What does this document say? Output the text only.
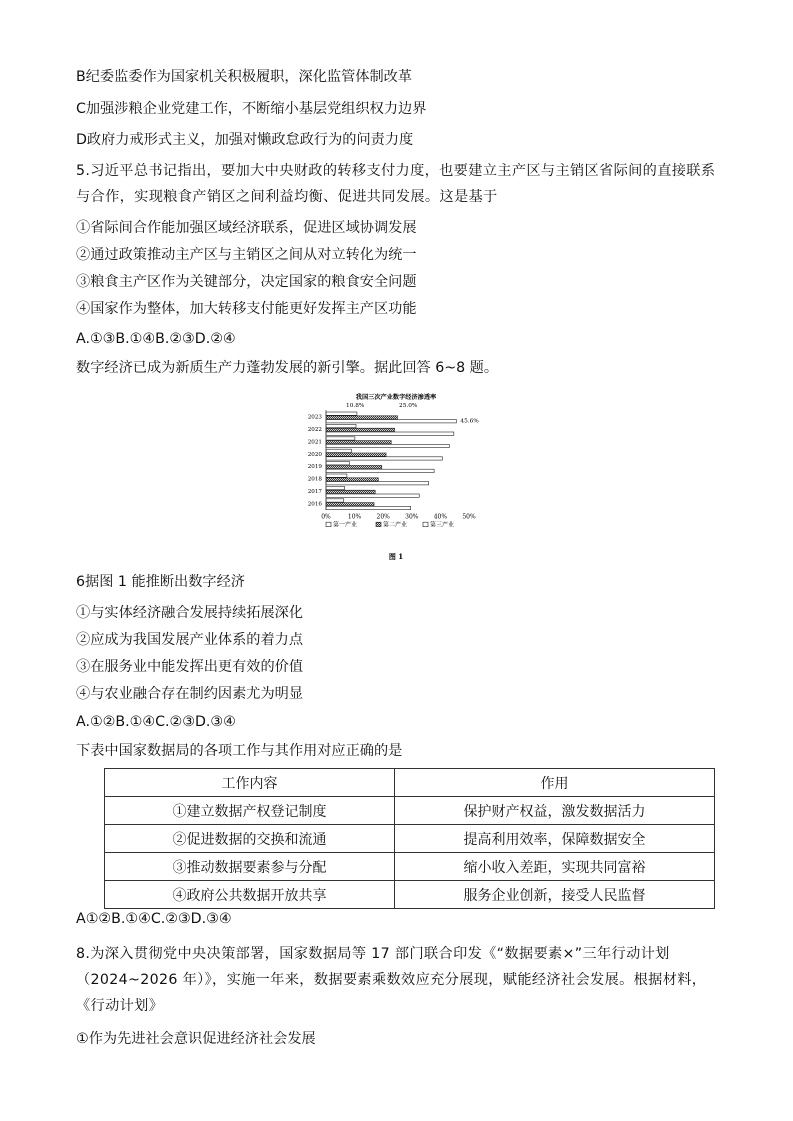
B纪委监委作为国家机关积极履职，深化监管体制改革
C加强涉粮企业党建工作，不断缩小基层党组织权力边界
D政府力戒形式主义，加强对懒政怠政行为的问责力度
5.习近平总书记指出，要加大中央财政的转移支付力度，也要建立主产区与主销区省际间的直接联系与合作，实现粮食产销区之间利益均衡、促进共同发展。这是基于
①省际间合作能加强区域经济联系，促进区域协调发展
②通过政策推动主产区与主销区之间从对立转化为统一
③粮食主产区作为关键部分，决定国家的粮食安全问题
④国家作为整体，加大转移支付能更好发挥主产区功能
A.①③B.①④B.②③D.②④
数字经济已成为新质生产力蓬勃发展的新引擎。据此回答 6~8 题。
我国三次产业数字经济渗透率
2023
2022
2021
2020
2019
2018
2017
2016
0%	10%	20%	30%	40%	50%
10.8%	25.0%
45.6%
第一产业	第二产业	第三产业
图 1
6据图 1 能推断出数字经济
①与实体经济融合发展持续拓展深化
②应成为我国发展产业体系的着力点
③在服务业中能发挥出更有效的价值
④与农业融合存在制约因素尤为明显
A.①②B.①④C.②③D.③④
下表中国家数据局的各项工作与其作用对应正确的是
工作内容	作用
①建立数据产权登记制度	保护财产权益，激发数据活力
②促进数据的交换和流通	提高利用效率，保障数据安全
③推动数据要素参与分配	缩小收入差距，实现共同富裕
④政府公共数据开放共享	服务企业创新，接受人民监督
A①②B.①④C.②③D.③④
8.为深入贯彻党中央决策部署，国家数据局等 17 部门联合印发《“数据要素×”三年行动计划（2024~2026 年）》，实施一年来，数据要素乘数效应充分展现，赋能经济社会发展。根据材料，《行动计划》
①作为先进社会意识促进经济社会发展
